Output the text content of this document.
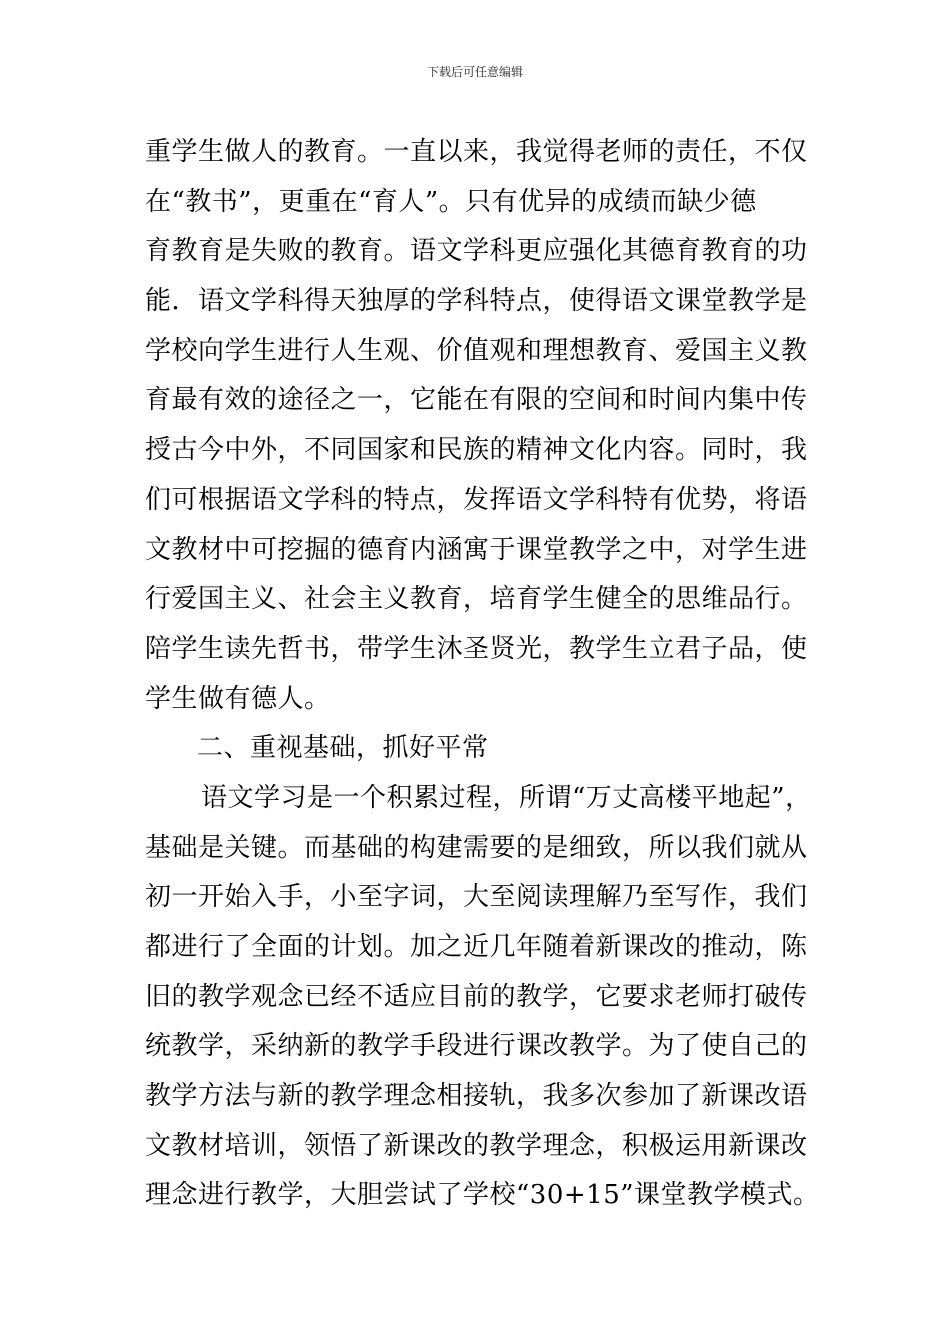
下载后可任意编辑
重学生做人的教育。一直以来，我觉得老师的责任，不仅
在“教书”，更重在“育人”。只有优异的成绩而缺少德
育教育是失败的教育。语文学科更应强化其德育教育的功
能．语文学科得天独厚的学科特点，使得语文课堂教学是
学校向学生进行人生观、价值观和理想教育、爱国主义教
育最有效的途径之一，它能在有限的空间和时间内集中传
授古今中外，不同国家和民族的精神文化内容。同时，我
们可根据语文学科的特点，发挥语文学科特有优势，将语
文教材中可挖掘的德育内涵寓于课堂教学之中，对学生进
行爱国主义、社会主义教育，培育学生健全的思维品行。
陪学生读先哲书，带学生沐圣贤光，教学生立君子品，使
学生做有德人。
二、重视基础，抓好平常
语文学习是一个积累过程，所谓“万丈高楼平地起”，
基础是关键。而基础的构建需要的是细致，所以我们就从
初一开始入手，小至字词，大至阅读理解乃至写作，我们
都进行了全面的计划。加之近几年随着新课改的推动，陈
旧的教学观念已经不适应目前的教学，它要求老师打破传
统教学，采纳新的教学手段进行课改教学。为了使自己的
教学方法与新的教学理念相接轨，我多次参加了新课改语
文教材培训，领悟了新课改的教学理念，积极运用新课改
理念进行教学，大胆尝试了学校“30+15”课堂教学模式。
